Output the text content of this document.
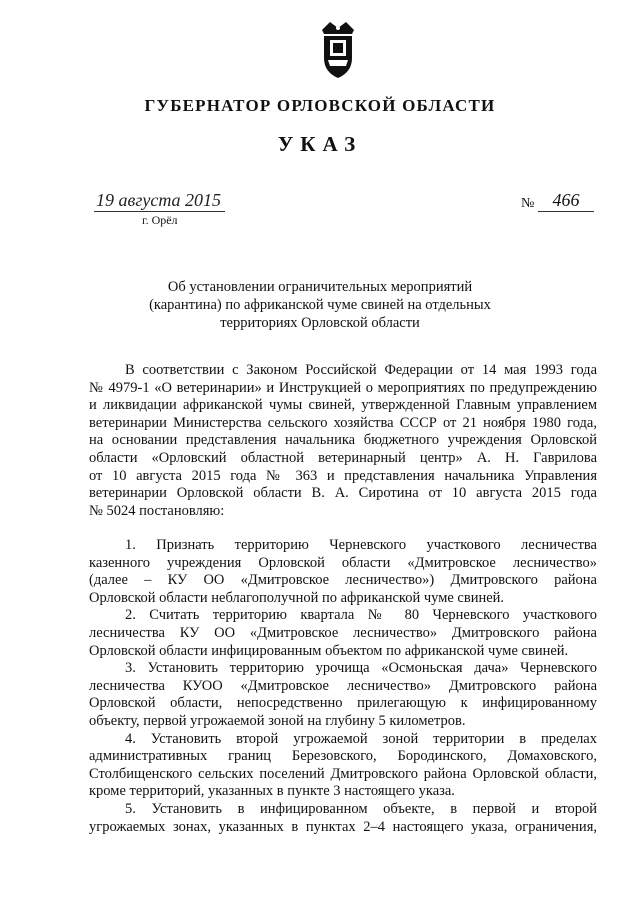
ГУБЕРНАТОР ОРЛОВСКОЙ ОБЛАСТИ
УКАЗ
19 августа 2015
г. Орёл
№	466
Об установлении ограничительных мероприятий
(карантина) по африканской чуме свиней на отдельных
территориях Орловской области
В соответствии с Законом Российской Федерации от 14 мая 1993 года
№ 4979-1 «О ветеринарии» и Инструкцией о мероприятиях по предупреждению
и ликвидации африканской чумы свиней, утвержденной Главным управлением
ветеринарии Министерства сельского хозяйства СССР от 21 ноября 1980 года,
на основании представления начальника бюджетного учреждения Орловской
области «Орловский областной ветеринарный центр» А. Н. Гаврилова
от 10 августа 2015 года № 363 и представления начальника Управления
ветеринарии Орловской области В. А. Сиротина от 10 августа 2015 года
№ 5024 постановляю:
1. Признать территорию Черневского участкового лесничества
казенного учреждения Орловской области «Дмитровское лесничество»
(далее – КУ ОО «Дмитровское лесничество») Дмитровского района
Орловской области неблагополучной по африканской чуме свиней.
2. Считать территорию квартала № 80 Черневского участкового
лесничества КУ ОО «Дмитровское лесничество» Дмитровского района
Орловской области инфицированным объектом по африканской чуме свиней.
3. Установить территорию урочища «Осмоньская дача» Черневского
лесничества КУОО «Дмитровское лесничество» Дмитровского района
Орловской области, непосредственно прилегающую к инфицированному
объекту, первой угрожаемой зоной на глубину 5 километров.
4. Установить второй угрожаемой зоной территории в пределах
административных границ Березовского, Бородинского, Домаховского,
Столбищенского сельских поселений Дмитровского района Орловской области,
кроме территорий, указанных в пункте 3 настоящего указа.
5. Установить в инфицированном объекте, в первой и второй
угрожаемых зонах, указанных в пунктах 2–4 настоящего указа, ограничения,
